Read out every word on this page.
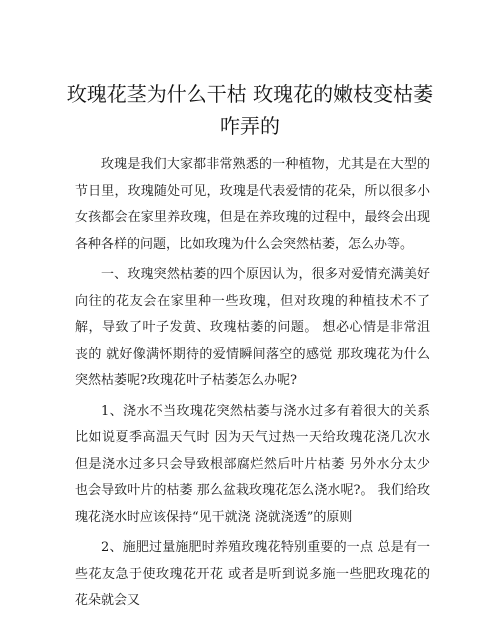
玫瑰花茎为什么干枯 玫瑰花的嫩枝变枯萎
咋弄的

玫瑰是我们大家都非常熟悉的一种植物，尤其是在大型的节日里，玫瑰随处可见，玫瑰是代表爱情的花朵，所以很多小女孩都会在家里养玫瑰，但是在养玫瑰的过程中，最终会出现各种各样的问题，比如玫瑰为什么会突然枯萎，怎么办等。

一、玫瑰突然枯萎的四个原因认为，很多对爱情充满美好向往的花友会在家里种一些玫瑰，但对玫瑰的种植技术不了解，导致了叶子发黄、玫瑰枯萎的问题。 想必心情是非常沮丧的 就好像满怀期待的爱情瞬间落空的感觉 那玫瑰花为什么突然枯萎呢?玫瑰花叶子枯萎怎么办呢?

1、浇水不当玫瑰花突然枯萎与浇水过多有着很大的关系 比如说夏季高温天气时 因为天气过热一天给玫瑰花浇几次水 但是浇水过多只会导致根部腐烂然后叶片枯萎 另外水分太少也会导致叶片的枯萎 那么盆栽玫瑰花怎么浇水呢?。 我们给玫瑰花浇水时应该保持“见干就浇 浇就浇透”的原则

2、施肥过量施肥时养殖玫瑰花特别重要的一点 总是有一些花友急于使玫瑰花开花 或者是听到说多施一些肥玫瑰花的花朵就会又
